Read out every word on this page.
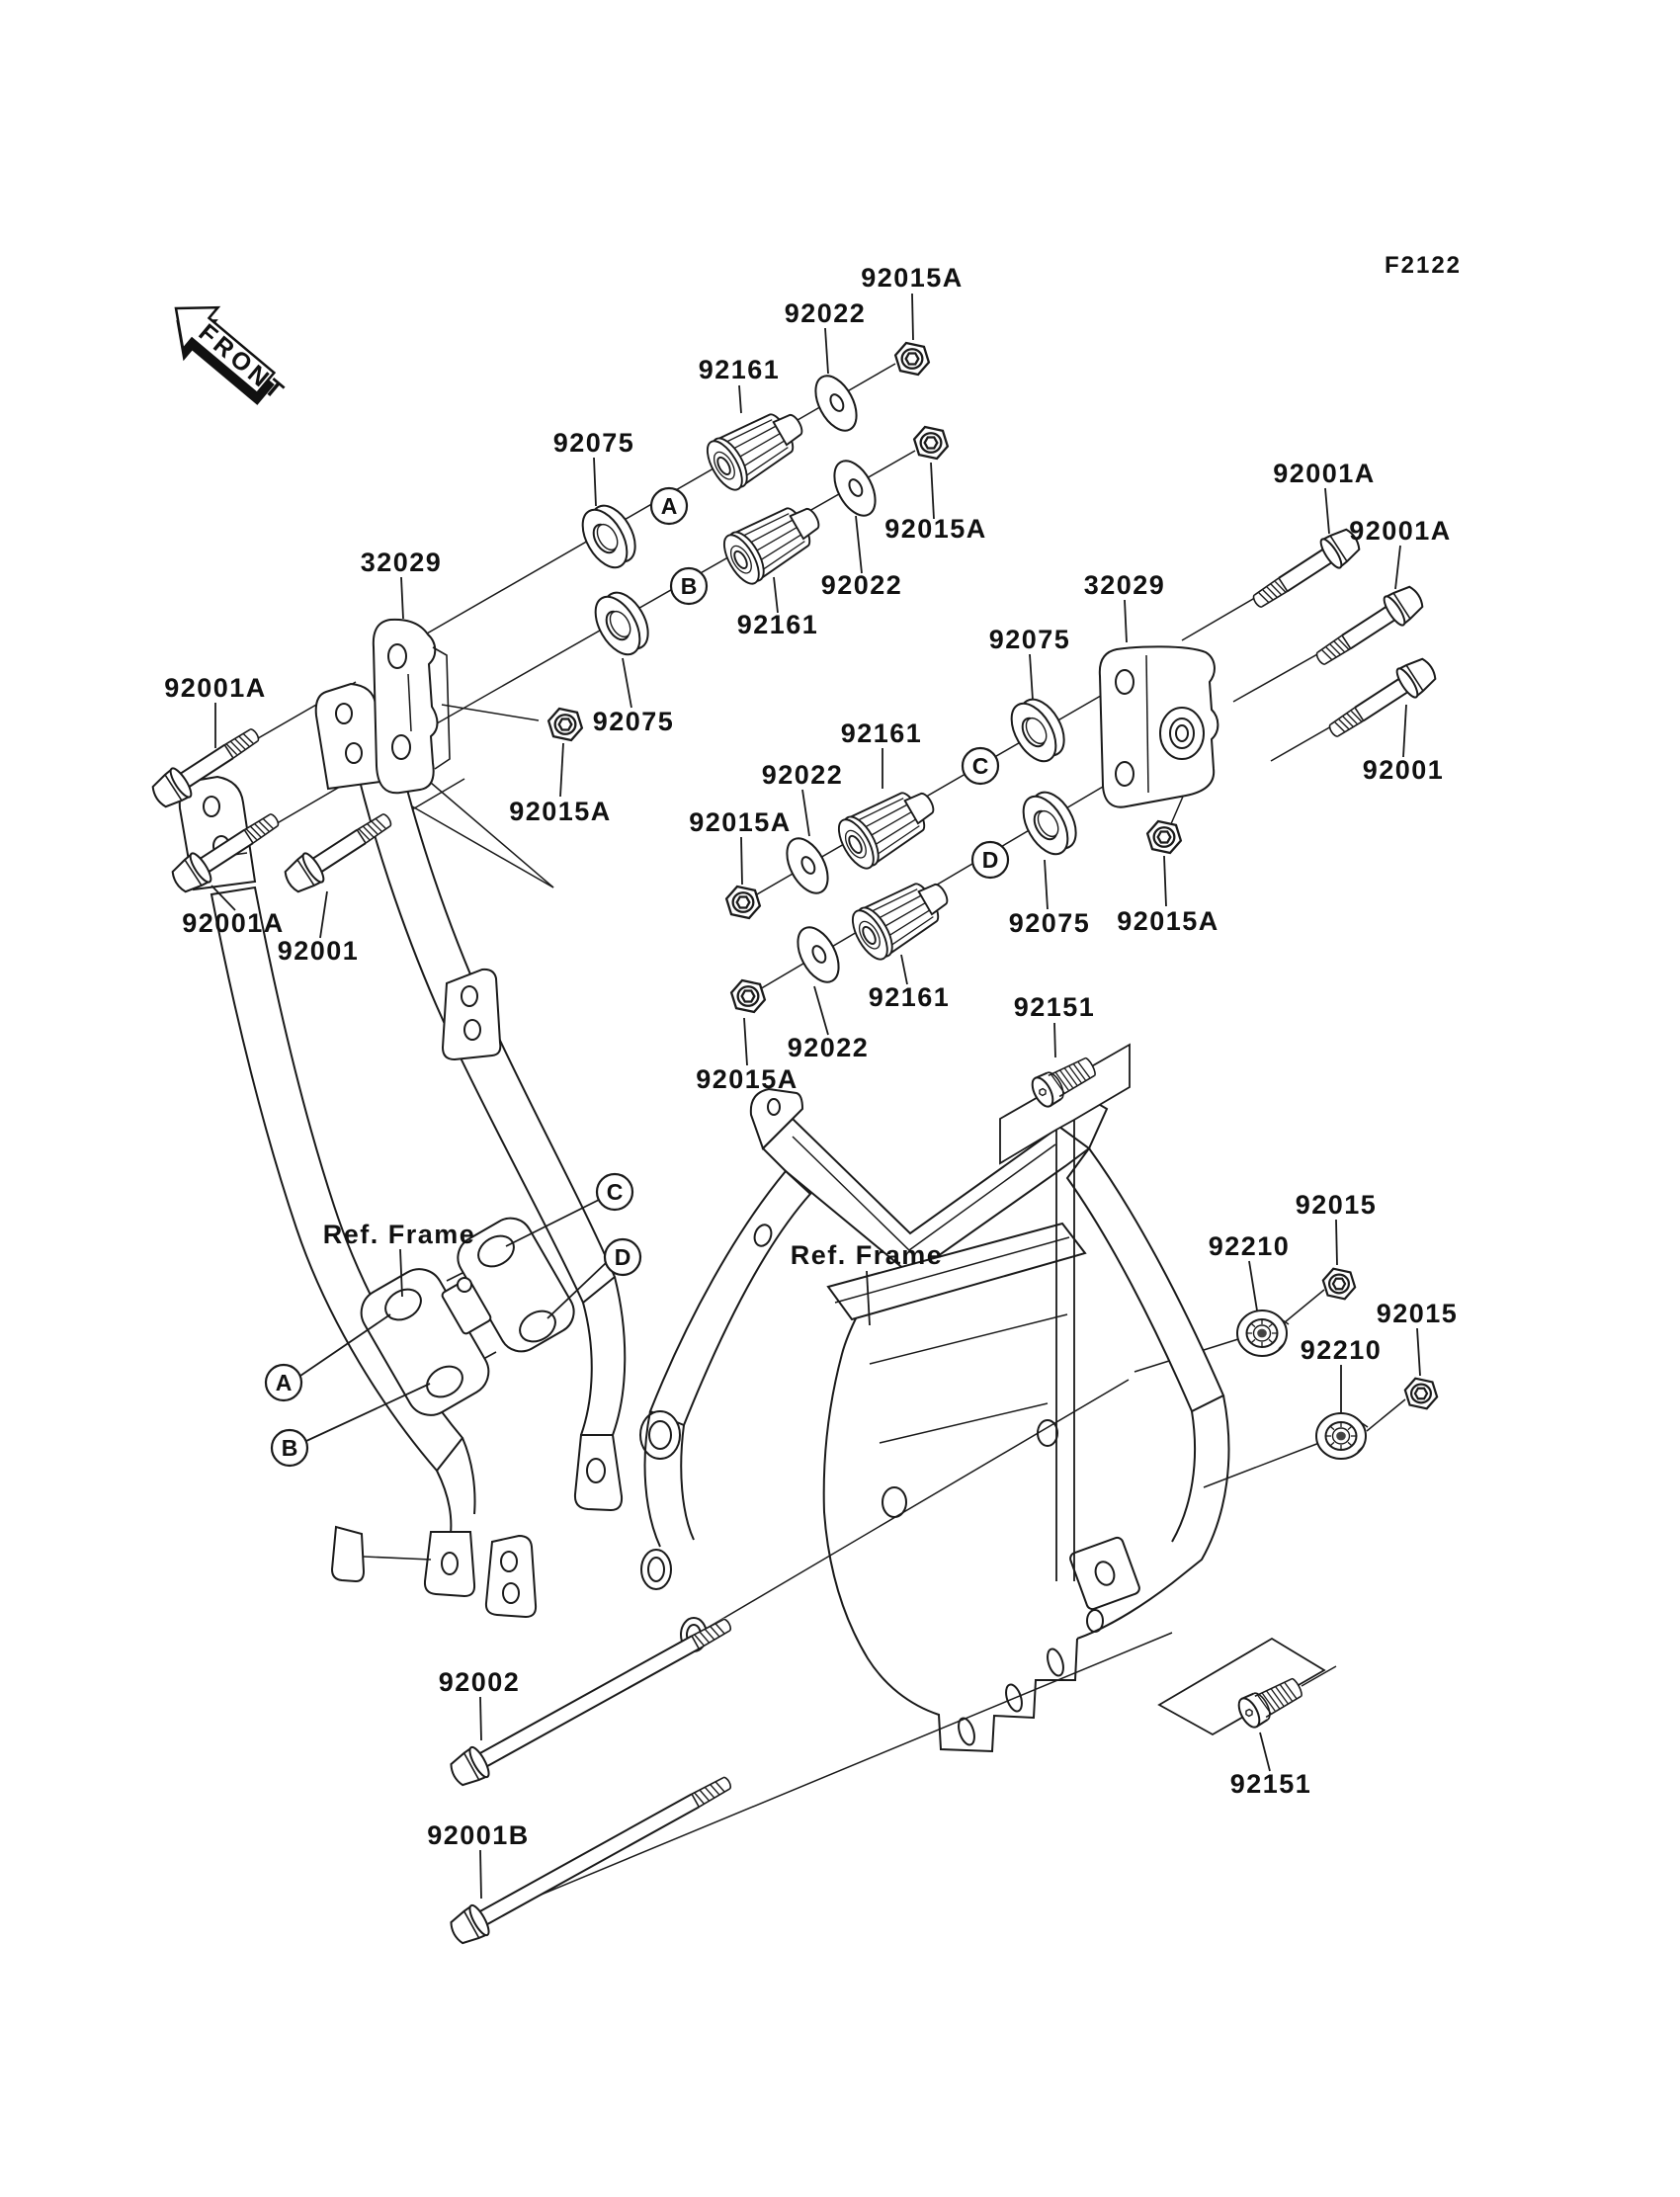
FRONT
F2122
A
B
C
D
A
B
C
D
92015A
92022
92161
92075
92015A
92022
92161
32029
92001A
92015A
92001A
92001
92075	92161
92022
92015A
92075
32029
92001A
92001A
92001
92075 92015A
92161
92022
92015A
92151
92015
92210
92015
92210
Ref. Frame
Ref. Frame
92002
92001B
92151
